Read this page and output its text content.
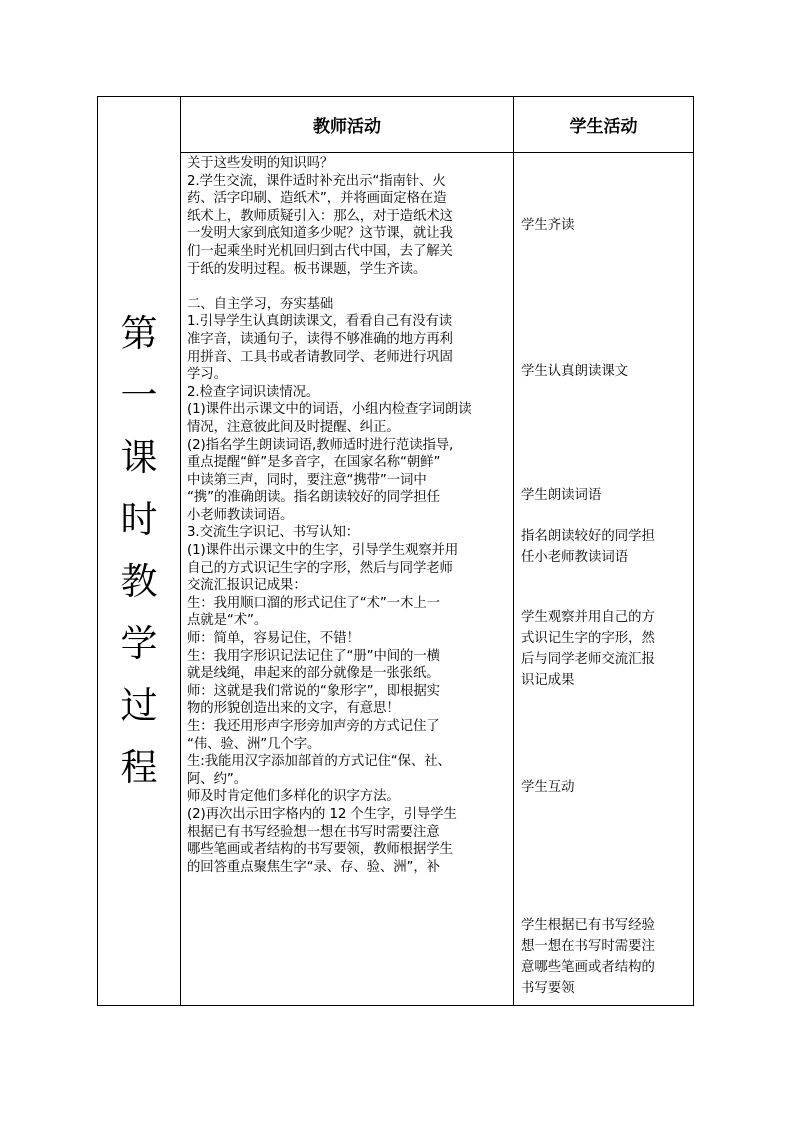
第
一
课
时
教
学
过
程
教师活动	学生活动

关于这些发明的知识吗？

2.学生交流，课件适时补充出示“指南针、火

药、活字印刷、造纸术”，并将画面定格在造

纸术上，教师质疑引入：那么，对于造纸术这

一发明大家到底知道多少呢？这节课，就让我

们一起乘坐时光机回归到古代中国，去了解关

于纸的发明过程。板书课题，学生齐读。

二、自主学习，夯实基础

1.引导学生认真朗读课文，看看自己有没有读

准字音，读通句子，读得不够准确的地方再利

用拼音、工具书或者请教同学、老师进行巩固

学习。

2.检查字词识读情况。

(1)课件出示课文中的词语，小组内检查字词朗读

情况，注意彼此间及时提醒、纠正。

(2)指名学生朗读词语,教师适时进行范读指导,

重点提醒“鲜”是多音字，在国家名称“朝鲜”

中读第三声，同时，要注意“携带”一词中

“携”的准确朗读。指名朗读较好的同学担任

小老师教读词语。

3.交流生字识记、书写认知：

(1)课件出示课文中的生字，引导学生观察并用

自己的方式识记生字的字形，然后与同学老师

交流汇报识记成果：

生：我用顺口溜的形式记住了“术”一木上一

点就是“术”。

师：简单，容易记住，不错！

生：我用字形识记法记住了“册”中间的一横

就是线绳，串起来的部分就像是一张张纸。

师：这就是我们常说的“象形字”，即根据实

物的形貌创造出来的文字，有意思！

生：我还用形声字形旁加声旁的方式记住了

“伟、验、洲”几个字。

生:我能用汉字添加部首的方式记住“保、社、

阿、约”。

师及时肯定他们多样化的识字方法。

(2)再次出示田字格内的 12 个生字，引导学生

根据已有书写经验想一想在书写时需要注意

哪些笔画或者结构的书写要领，教师根据学生

的回答重点聚焦生字“录、存、验、洲”，补

学生齐读

学生认真朗读课文

学生朗读词语

指名朗读较好的同学担

任小老师教读词语

学生观察并用自己的方

式识记生字的字形，然

后与同学老师交流汇报

识记成果

学生互动

学生根据已有书写经验

想一想在书写时需要注

意哪些笔画或者结构的

书写要领
